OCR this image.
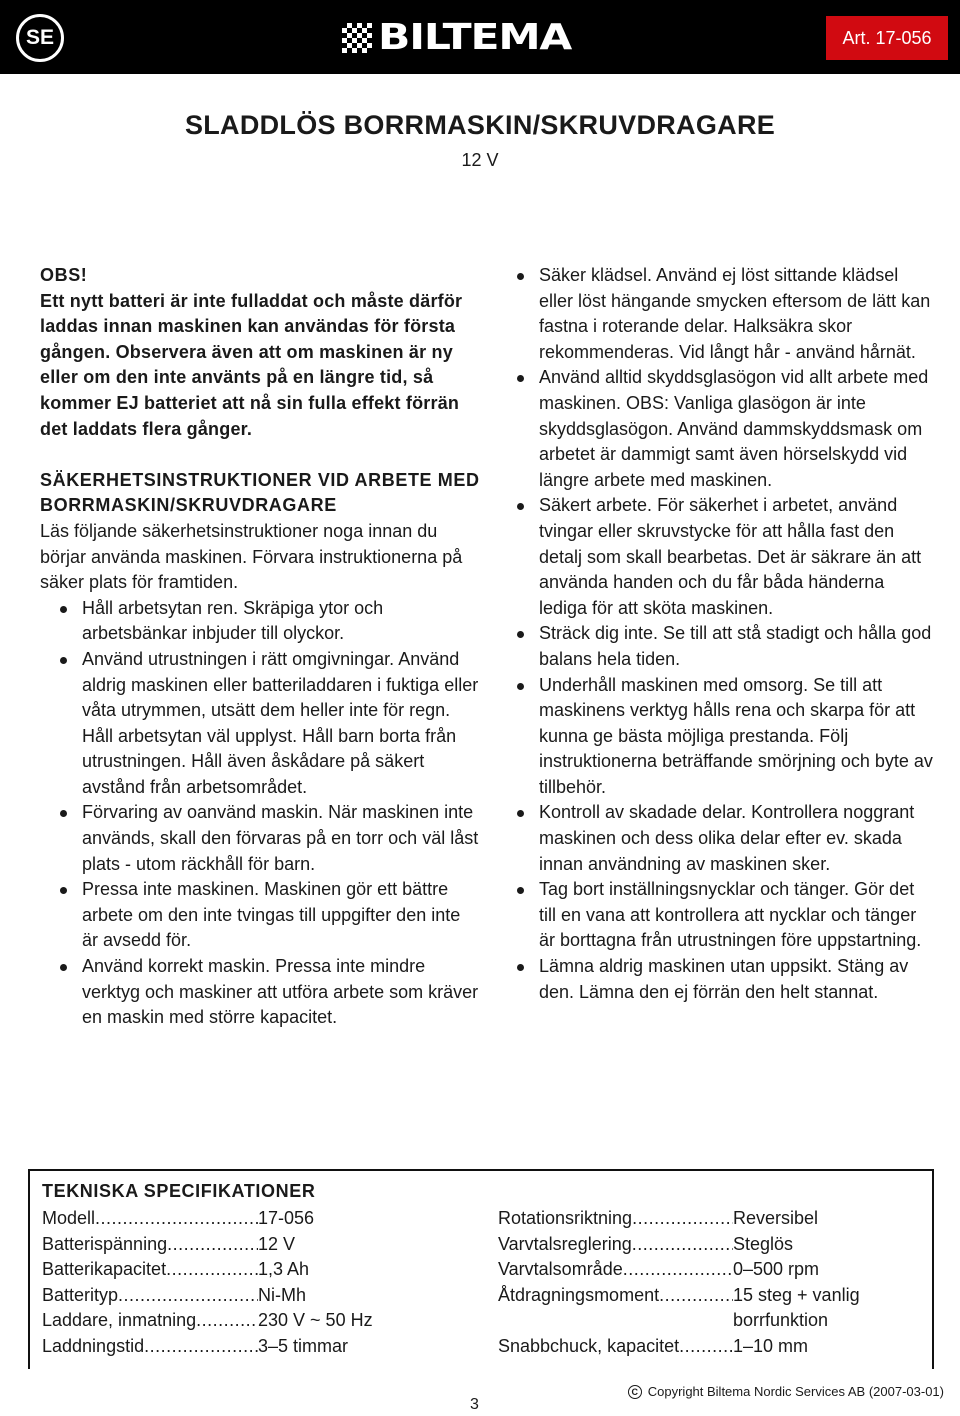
SE	BILTEMA	Art. 17-056
SLADDLÖS BORRMASKIN/SKRUVDRAGARE
12 V
OBS!
Ett nytt batteri är inte fulladdat och måste därför laddas innan maskinen kan användas för första gången. Observera även att om maskinen är ny eller om den inte använts på en längre tid, så kommer EJ batteriet att nå sin fulla effekt förrän det laddats flera gånger.
SÄKERHETSINSTRUKTIONER VID ARBETE MED BORRMASKIN/SKRUVDRAGARE
Läs följande säkerhetsinstruktioner noga innan du börjar använda maskinen. Förvara instruktionerna på säker plats för framtiden.
Håll arbetsytan ren. Skräpiga ytor och arbetsbänkar inbjuder till olyckor.
Använd utrustningen i rätt omgivningar. Använd aldrig maskinen eller batteriladdaren i fuktiga eller våta utrymmen, utsätt dem heller inte för regn. Håll arbetsytan väl upplyst. Håll barn borta från utrustningen. Håll även åskådare på säkert avstånd från arbetsområdet.
Förvaring av oanvänd maskin. När maskinen inte används, skall den förvaras på en torr och väl låst plats - utom räckhåll för barn.
Pressa inte maskinen. Maskinen gör ett bättre arbete om den inte tvingas till uppgifter den inte är avsedd för.
Använd korrekt maskin. Pressa inte mindre verktyg och maskiner att utföra arbete som kräver en maskin med större kapacitet.
Säker klädsel. Använd ej löst sittande klädsel eller löst hängande smycken eftersom de lätt kan fastna i roterande delar. Halksäkra skor rekommenderas. Vid långt hår - använd hårnät.
Använd alltid skyddsglasögon vid allt arbete med maskinen. OBS: Vanliga glasögon är inte skyddsglasögon. Använd dammskyddsmask om arbetet är dammigt samt även hörselskydd vid längre arbete med maskinen.
Säkert arbete. För säkerhet i arbetet, använd tvingar eller skruvstycke för att hålla fast den detalj som skall bearbetas. Det är säkrare än att använda handen och du får båda händerna lediga för att sköta maskinen.
Sträck dig inte. Se till att stå stadigt och hålla god balans hela tiden.
Underhåll maskinen med omsorg. Se till att maskinens verktyg hålls rena och skarpa för att kunna ge bästa möjliga prestanda. Följ instruktionerna beträffande smörjning och byte av tillbehör.
Kontroll av skadade delar. Kontrollera noggrant maskinen och dess olika delar efter ev. skada innan användning av maskinen sker.
Tag bort inställningsnycklar och tänger. Gör det till en vana att kontrollera att nycklar och tänger är borttagna från utrustningen före uppstartning.
Lämna aldrig maskinen utan uppsikt. Stäng av den. Lämna den ej förrän den helt stannat.
TEKNISKA SPECIFIKATIONER
Modell .....	17-056
Batterispänning .....	12 V
Batterikapacitet .....	1,3 Ah
Batterityp .....	Ni-Mh
Laddare, inmatning .....	230 V ~ 50 Hz
Laddningstid .....	3–5 timmar
Rotationsriktning .....	Reversibel
Varvtalsreglering .....	Steglös
Varvtalsområde .....	0–500 rpm
Åtdragningsmoment .....	15 steg + vanlig borrfunktion
Snabbchuck, kapacitet .....	1–10 mm
3
C Copyright Biltema Nordic Services AB (2007-03-01)
